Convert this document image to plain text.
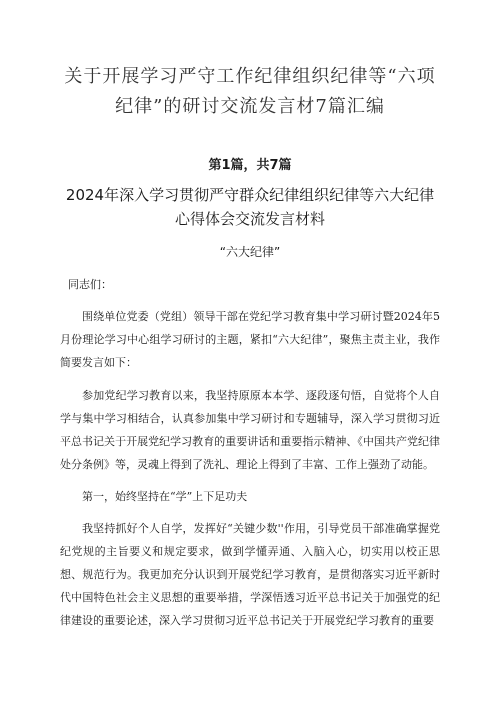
关于开展学习严守工作纪律组织纪律等“六项纪律”的研讨交流发言材7篇汇编
第1篇，共7篇
2024年深入学习贯彻严守群众纪律组织纪律等六大纪律心得体会交流发言材料
“六大纪律”
同志们：

围绕单位党委（党组）领导干部在党纪学习教育集中学习研讨暨2024年5月份理论学习中心组学习研讨的主题，紧扣“六大纪律”，聚焦主责主业，我作简要发言如下：

参加党纪学习教育以来，我坚持原原本本学、逐段逐句悟，自觉将个人自学与集中学习相结合，认真参加集中学习研讨和专题辅导，深入学习贯彻习近平总书记关于开展党纪学习教育的重要讲话和重要指示精神、《中国共产党纪律处分条例》等，灵魂上得到了洗礼、理论上得到了丰富、工作上强劲了动能。

第一，始终坚持在“学”上下足功夫

我坚持抓好个人自学，发挥好“关键少数''作用，引导党员干部准确掌握党纪党规的主旨要义和规定要求，做到学懂弄通、入脑入心，切实用以校正思想、规范行为。我更加充分认识到开展党纪学习教育，是贯彻落实习近平新时代中国特色社会主义思想的重要举措，学深悟透习近平总书记关于加强党的纪律建设的重要论述，深入学习贯彻习近平总书记关于开展党纪学习教育的重要
